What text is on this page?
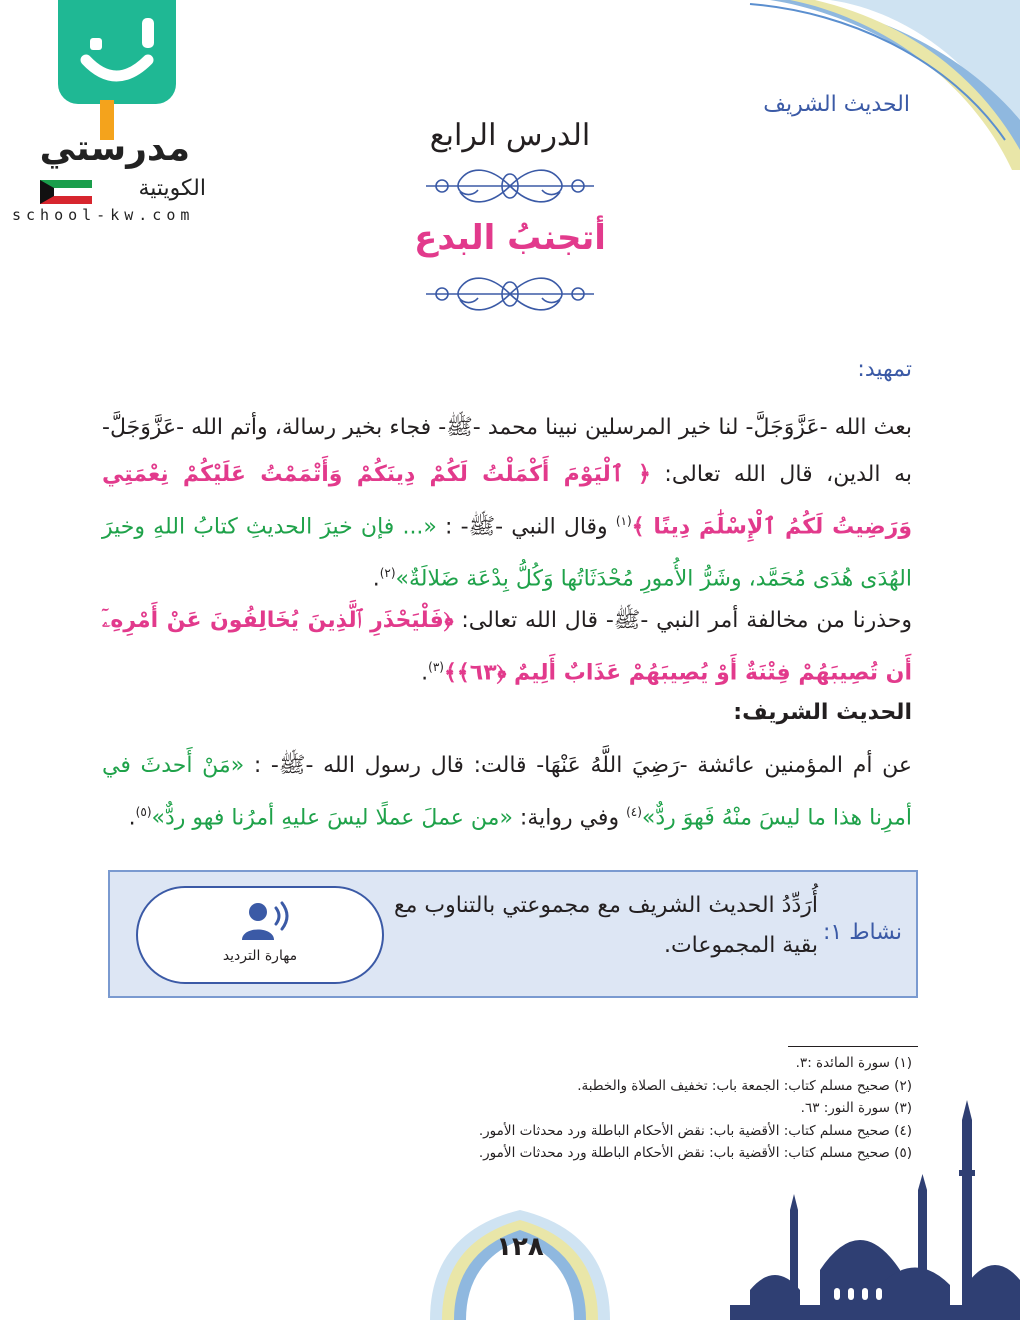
مدرستي
الكويتية
school-kw.com
الحديث الشريف
الدرس الرابع
أتجنبُ البدع
تمهيد:
بعث الله -عَزَّوَجَلَّ- لنا خير المرسلين نبينا محمد -ﷺ- فجاء بخير رسالة، وأتم الله -عَزَّوَجَلَّ- به الدين، قال الله تعالى: ﴿ ٱلْيَوْمَ أَكْمَلْتُ لَكُمْ دِينَكُمْ وَأَتْمَمْتُ عَلَيْكُمْ نِعْمَتِي وَرَضِيتُ لَكُمُ ٱلْإِسْلَٰمَ دِينًا ﴾$^{(١)}$ وقال النبي -ﷺ- : «... فإن خيرَ الحديثِ كتابُ اللهِ وخيرَ الهُدَى هُدَى مُحَمَّد، وشَرُّ الأُمورِ مُحْدَثَاتُها وَكُلُّ بِدْعَة ضَلالَةٌ»$^{(٢)}$.
وحذرنا من مخالفة أمر النبي -ﷺ- قال الله تعالى: ﴿فَلْيَحْذَرِ ٱلَّذِينَ يُخَالِفُونَ عَنْ أَمْرِهِۦٓ أَن تُصِيبَهُمْ فِتْنَةٌ أَوْ يُصِيبَهُمْ عَذَابٌ أَلِيمٌ ﴿٦٣﴾﴾$^{(٣)}$.
الحديث الشريف:
عن أم المؤمنين عائشة -رَضِيَ اللَّهُ عَنْهَا- قالت: قال رسول الله -ﷺ- : «مَنْ أَحدثَ في أمرِنا هذا ما ليسَ منْهُ فَهوَ ردٌّ»$^{(٤)}$ وفي رواية: «من عملَ عملًا ليسَ عليهِ أمرُنا فهو ردٌّ»$^{(٥)}$.
نشاط ١:
أُرَدِّدُ الحديث الشريف مع مجموعتي بالتناوب مع بقية المجموعات.
مهارة الترديد
(١) سورة المائدة :٣.
(٢) صحيح مسلم كتاب: الجمعة باب: تخفيف الصلاة والخطبة.
(٣) سورة النور: ٦٣.
(٤) صحيح مسلم كتاب: الأقضية باب: نقض الأحكام الباطلة ورد محدثات الأمور.
(٥) صحيح مسلم كتاب: الأقضية باب: نقض الأحكام الباطلة ورد محدثات الأمور.
١٢٨
